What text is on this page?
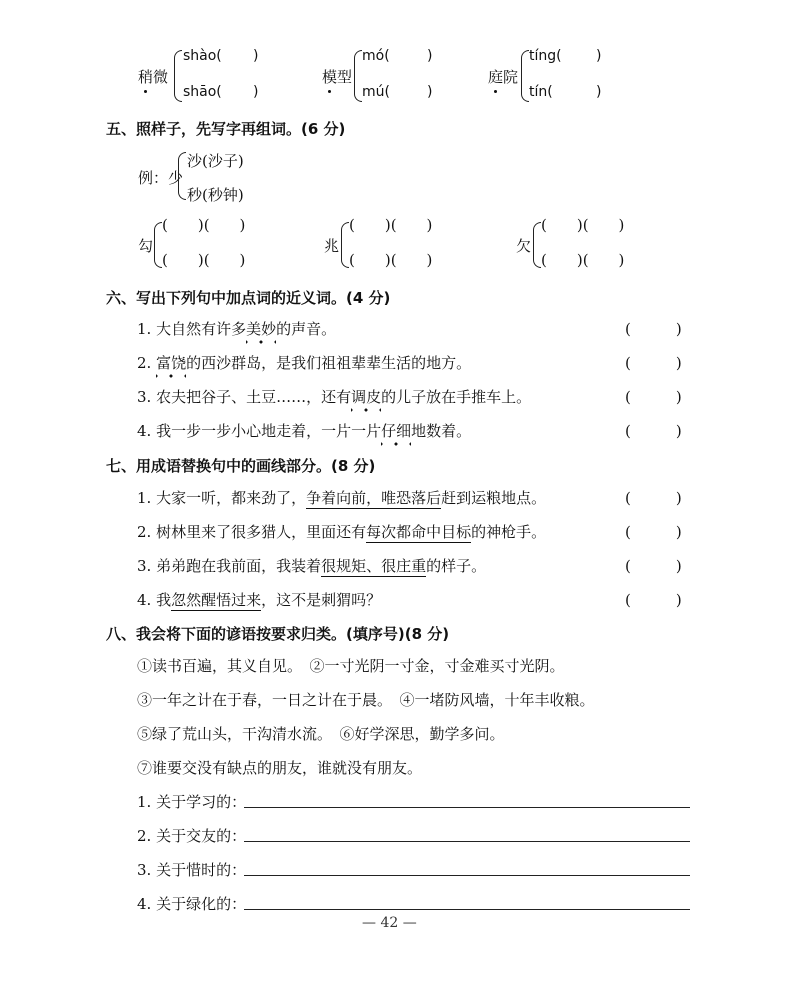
稍微
shào( )
shāo( )
模型
mó(	)
mú(	)
庭院
tíng( )
tín(	)
五、照样子，先写字再组词。(6 分)
例：少
沙(沙子)
秒(秒钟)
勾
(　　)(　　)
(　　)(　　)
兆
(　　)(　　)
(　　)(　　)
欠
(　　)(　　)
(　　)(　　)
六、写出下列句中加点词的近义词。(4 分)
1. 大自然有许多美妙的声音。	(　　　)
2. 富饶的西沙群岛，是我们祖祖辈辈生活的地方。	(　　　)
3. 农夫把谷子、土豆……，还有调皮的儿子放在手推车上。	(　　　)
4. 我一步一步小心地走着，一片一片仔细地数着。	(　　　)
七、用成语替换句中的画线部分。(8 分)
1. 大家一听，都来劲了，争着向前，唯恐落后赶到运粮地点。	(　　　)
2. 树林里来了很多猎人，里面还有每次都命中目标的神枪手。	(　　　)
3. 弟弟跑在我前面，我装着很规矩、很庄重的样子。	(　　　)
4. 我忽然醒悟过来，这不是刺猬吗？	(　　　)
八、我会将下面的谚语按要求归类。(填序号)(8 分)
①读书百遍，其义自见。　②一寸光阴一寸金，寸金难买寸光阴。
③一年之计在于春，一日之计在于晨。　④一堵防风墙，十年丰收粮。
⑤绿了荒山头，干沟清水流。　⑥好学深思，勤学多问。
⑦谁要交没有缺点的朋友，谁就没有朋友。
1. 关于学习的：
2. 关于交友的：
3. 关于惜时的：
4. 关于绿化的：
— 42 —
